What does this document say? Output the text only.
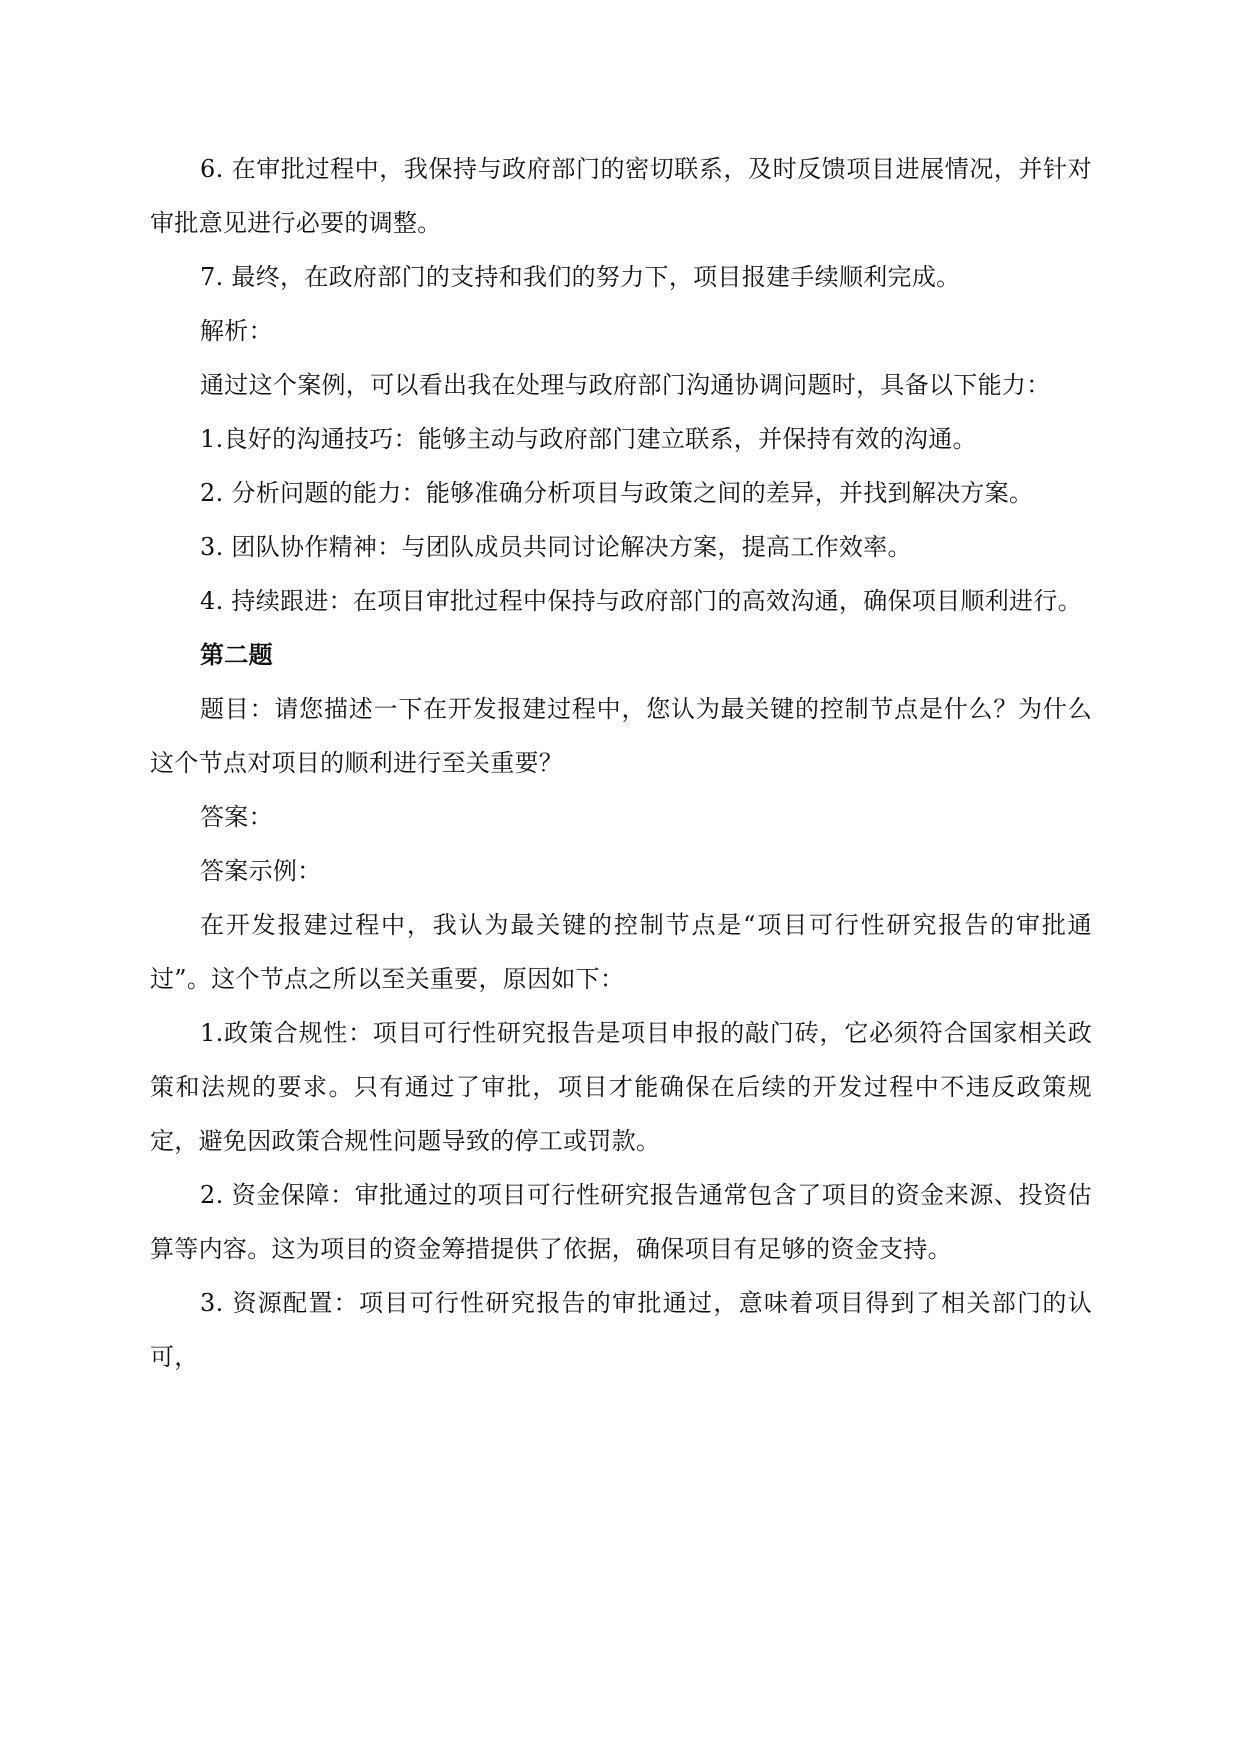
6. 在审批过程中，我保持与政府部门的密切联系，及时反馈项目进展情况，并针对审批意见进行必要的调整。

7. 最终，在政府部门的支持和我们的努力下，项目报建手续顺利完成。

解析：

通过这个案例，可以看出我在处理与政府部门沟通协调问题时，具备以下能力：

1.良好的沟通技巧：能够主动与政府部门建立联系，并保持有效的沟通。

2. 分析问题的能力：能够准确分析项目与政策之间的差异，并找到解决方案。

3. 团队协作精神：与团队成员共同讨论解决方案，提高工作效率。

4. 持续跟进：在项目审批过程中保持与政府部门的高效沟通，确保项目顺利进行。

第二题

题目：请您描述一下在开发报建过程中，您认为最关键的控制节点是什么？为什么这个节点对项目的顺利进行至关重要？

答案：

答案示例：

在开发报建过程中，我认为最关键的控制节点是“项目可行性研究报告的审批通过”。这个节点之所以至关重要，原因如下：

1.政策合规性：项目可行性研究报告是项目申报的敲门砖，它必须符合国家相关政策和法规的要求。只有通过了审批，项目才能确保在后续的开发过程中不违反政策规定，避免因政策合规性问题导致的停工或罚款。

2. 资金保障：审批通过的项目可行性研究报告通常包含了项目的资金来源、投资估算等内容。这为项目的资金筹措提供了依据，确保项目有足够的资金支持。

3. 资源配置：项目可行性研究报告的审批通过，意味着项目得到了相关部门的认可，
